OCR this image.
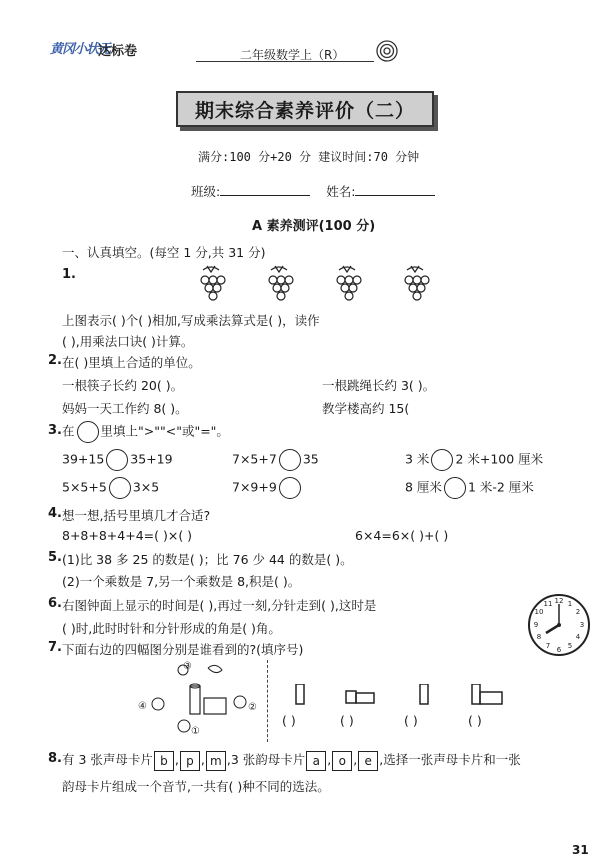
黄冈小状元
达标卷	二年级数学上（R）
期末综合素养评价（二）
满分:100 分+20 分 建议时间:70 分钟
班级:	姓名:
A 素养测评(100 分)
一、认真填空。(每空 1 分,共 31 分)
1.
上图表示( )个( )相加,写成乘法算式是( )，读作
( ),用乘法口诀( )计算。
2. 在( )里填上合适的单位。
一根筷子长约 20( )。	一根跳绳长约 3( )。
妈妈一天工作约 8( )。	教学楼高约 15(
3. 在 里填上">""<"或"="。
39+15 35+19	7×5+7 35	3 米 2 米+100 厘米
5×5+5 3×5	7×9+9	8 厘米 1 米-2 厘米
4. 想一想,括号里填几才合适?
8+8+8+4+4=( )×( )	6×4=6×( )+( )
5. (1)比 38 多 25 的数是( )；比 76 少 44 的数是( )。
(2)一个乘数是 7,另一个乘数是 8,积是( )。
6. 右图钟面上显示的时间是( ),再过一刻,分针走到( ),这时是
( )时,此时时针和分针形成的角是( )角。
12 1
2
3
4
5
6
7
8
9
10
11
7. 下面右边的四幅图分别是谁看到的?(填序号)
③
④	②
①
( )	( )	( )	( )
8. 有 3 张声母卡片 b , p , m ,3 张韵母卡片 a , o , e ,选择一张声母卡片和一张
韵母卡片组成一个音节,一共有( )种不同的选法。
31
